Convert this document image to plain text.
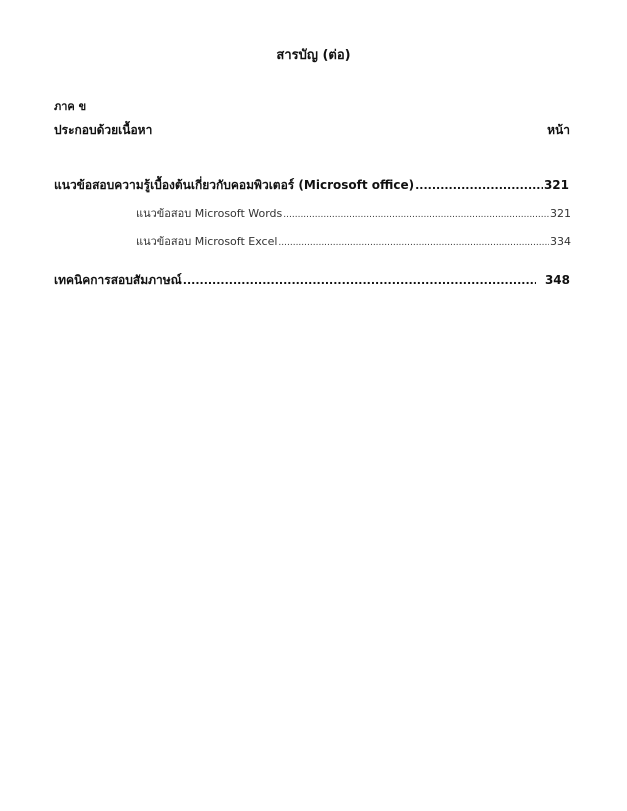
สารบัญ (ต่อ)
ภาค ข
ประกอบด้วยเนื้อหา	หน้า
แนวข้อสอบความรู้เบื้องต้นเกี่ยวกับคอมพิวเตอร์ (Microsoft office) .....	321
แนวข้อสอบ Microsoft Words .....	321
แนวข้อสอบ Microsoft Excel .....	334
เทคนิคการสอบสัมภาษณ์ .....	348
